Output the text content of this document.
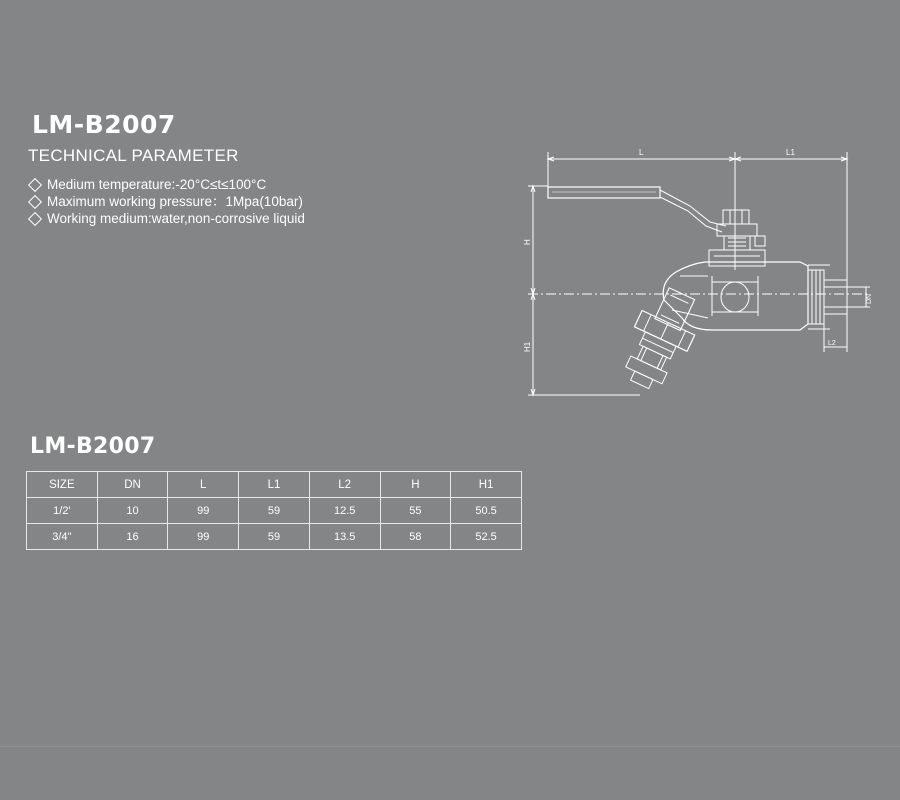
LM-B2007
TECHNICAL PARAMETER
Medium temperature:-20°C≤t≤100°C
Maximum working pressure：1Mpa(10bar)
Working medium:water,non-corrosive liquid
L	L1
H
H1
DN
L2
LM-B2007
SIZE	DN	L	L1	L2	H	H1
1/2'	10	99	59	12.5	55	50.5
3/4"	16	99	59	13.5	58	52.5
